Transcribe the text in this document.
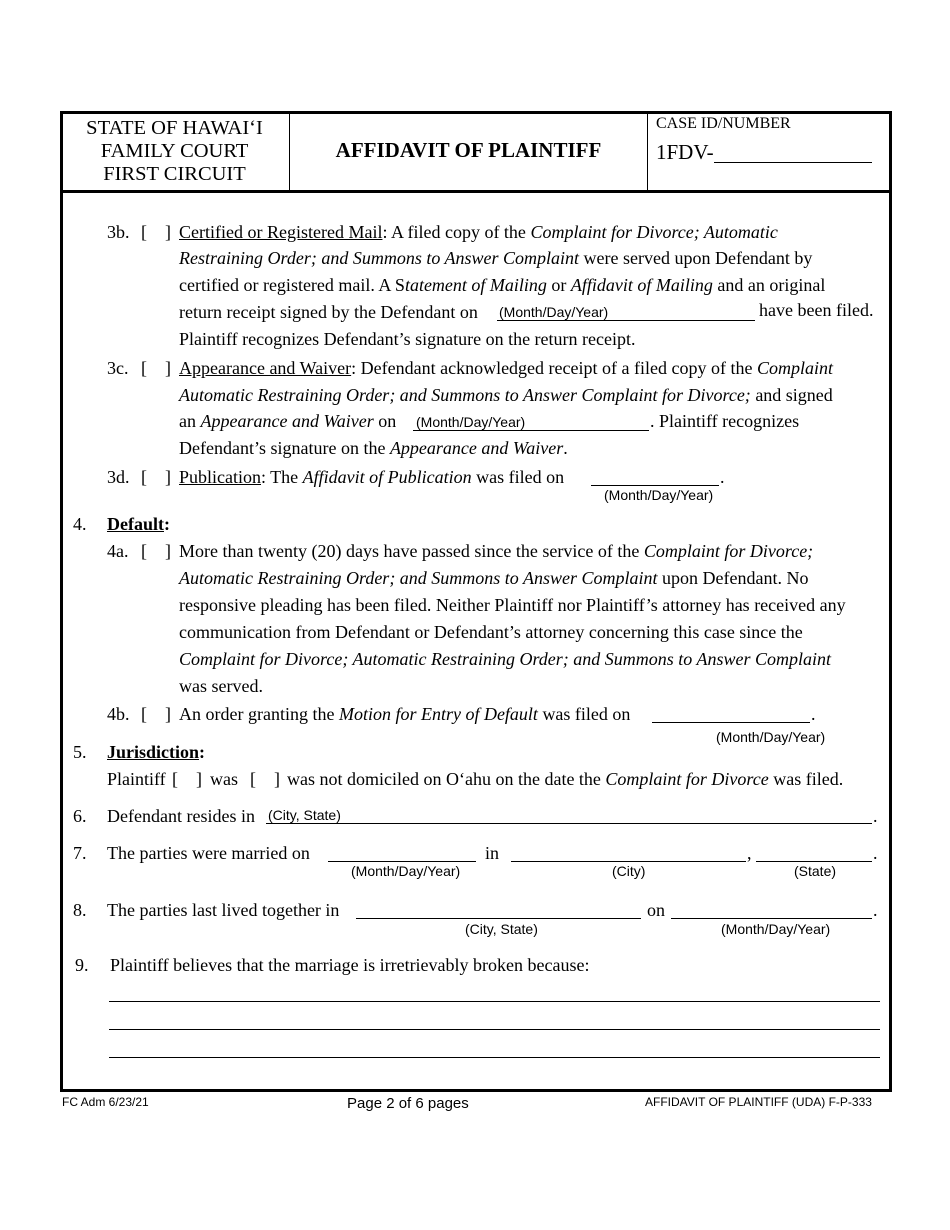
STATE OF HAWAI‘I
FAMILY COURT
FIRST CIRCUIT
AFFIDAVIT OF PLAINTIFF
CASE ID/NUMBER
1FDV-
3b. [    ] Certified or Registered Mail: A filed copy of the Complaint for Divorce; Automatic
Restraining Order; and Summons to Answer Complaint were served upon Defendant by
certified or registered mail. A Statement of Mailing or Affidavit of Mailing and an original
return receipt signed by the Defendant on (Month/Day/Year)	have been filed.
Plaintiff recognizes Defendant’s signature on the return receipt.
3c. [    ] Appearance and Waiver: Defendant acknowledged receipt of a filed copy of the Complaint
Automatic Restraining Order; and Summons to Answer Complaint for Divorce; and signed
an Appearance and Waiver on (Month/Day/Year)	. Plaintiff recognizes
Defendant’s signature on the Appearance and Waiver.
3d. [    ] Publication: The Affidavit of Publication was filed on	.
(Month/Day/Year)
4. Default:
4a. [    ] More than twenty (20) days have passed since the service of the Complaint for Divorce;
Automatic Restraining Order; and Summons to Answer Complaint upon Defendant. No
responsive pleading has been filed. Neither Plaintiff nor Plaintiff’s attorney has received any
communication from Defendant or Defendant’s attorney concerning this case since the
Complaint for Divorce; Automatic Restraining Order; and Summons to Answer Complaint
was served.
4b. [    ] An order granting the Motion for Entry of Default was filed on	.
(Month/Day/Year)
5. Jurisdiction:
Plaintiff [    ] was [    ] was not domiciled on O‘ahu on the date the Complaint for Divorce was filed.
6. Defendant resides in (City, State)	.
7. The parties were married on	in	,	.
(Month/Day/Year)	(City)	(State)
8. The parties last lived together in	on	.
(City, State)	(Month/Day/Year)
9. Plaintiff believes that the marriage is irretrievably broken because:
FC Adm 6/23/21	Page 2 of 6 pages	AFFIDAVIT OF PLAINTIFF (UDA) F-P-333
